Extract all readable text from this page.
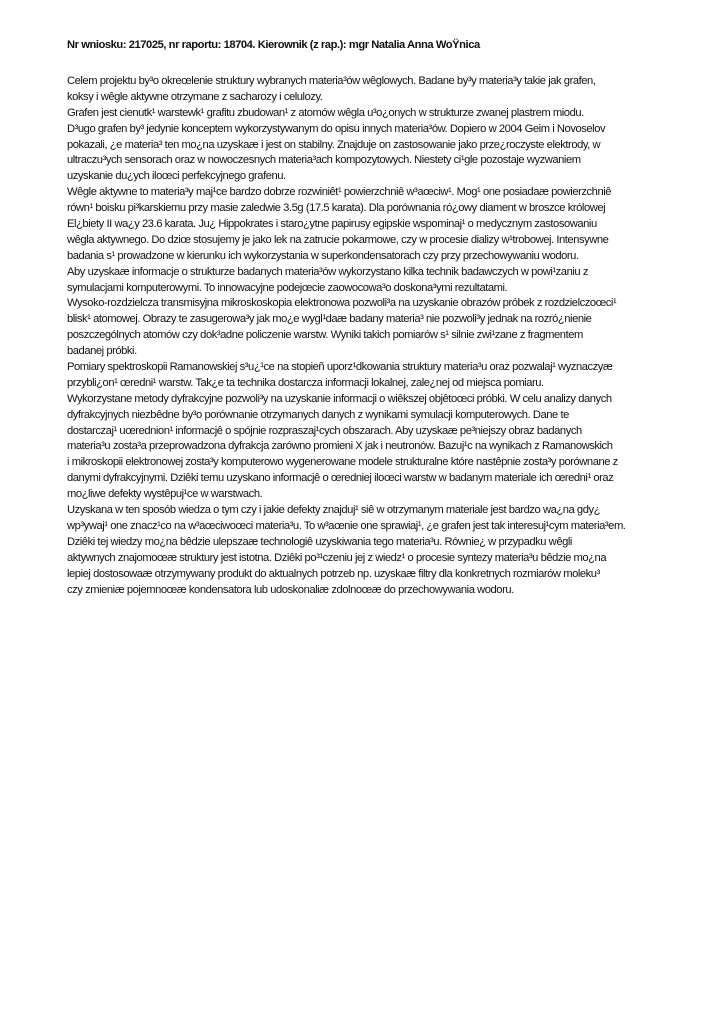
Nr wniosku: 217025, nr raportu: 18704. Kierownik (z rap.): mgr Natalia Anna WoŸnica
Celem projektu by³o okreœlenie struktury wybranych materia³ów wêglowych. Badane by³y materia³y takie jak grafen,
koksy i wêgle aktywne otrzymane z sacharozy i celulozy.
Grafen jest cienutk¹ warstewk¹ grafitu zbudowan¹ z atomów wêgla u³o¿onych w strukturze zwanej plastrem miodu.
D³ugo grafen by³ jedynie konceptem wykorzystywanym do opisu innych materia³ów. Dopiero w 2004 Geim i Novoselov
pokazali, ¿e materia³ ten mo¿na uzyskaæ i jest on stabilny. Znajduje on zastosowanie jako prze¿roczyste elektrody, w
ultraczu³ych sensorach oraz w nowoczesnych materia³ach kompozytowych. Niestety ci¹gle pozostaje wyzwaniem
uzyskanie du¿ych iloœci perfekcyjnego grafenu.
Wêgle aktywne to materia³y maj¹ce bardzo dobrze rozwiniêt¹ powierzchniê w³aœciw¹. Mog¹ one posiadaæ powierzchniê
równ¹ boisku pi³karskiemu przy masie zaledwie 3.5g (17.5 karata). Dla porównania ró¿owy diament w broszce królowej
El¿biety II wa¿y 23.6 karata. Ju¿ Hippokrates i staro¿ytne papirusy egipskie wspominaj¹ o medycznym zastosowaniu
wêgla aktywnego. Do dziœ stosujemy je jako lek na zatrucie pokarmowe, czy w procesie dializy w¹trobowej. Intensywne
badania s¹ prowadzone w kierunku ich wykorzystania w superkondensatorach czy przy przechowywaniu wodoru.
Aby uzyskaæ informacje o strukturze badanych materia³ów wykorzystano kilka technik badawczych w powi¹zaniu z
symulacjami komputerowymi. To innowacyjne podejœcie zaowocowa³o doskona³ymi rezultatami.
Wysoko-rozdzielcza transmisyjna mikroskoskopia elektronowa pozwoli³a na uzyskanie obrazów próbek z rozdzielczoœci¹
blisk¹ atomowej. Obrazy te zasugerowa³y jak mo¿e wygl¹daæ badany materia³ nie pozwoli³y jednak na rozró¿nienie
poszczególnych atomów czy dok³adne policzenie warstw. Wyniki takich pomiarów s¹ silnie zwi¹zane z fragmentem
badanej próbki.
Pomiary spektroskopii Ramanowskiej s³u¿¹ce na stopieñ uporz¹dkowania struktury materia³u oraz pozwalaj¹ wyznaczyæ
przybli¿on¹ œredni¹ warstw. Tak¿e ta technika dostarcza informacji lokalnej, zale¿nej od miejsca pomiaru.
Wykorzystane metody dyfrakcyjne pozwoli³y na uzyskanie informacji o wiêkszej objêtoœci próbki. W celu analizy danych
dyfrakcyjnych niezbêdne by³o porównanie otrzymanych danych z wynikami symulacji komputerowych. Dane te
dostarczaj¹ uœrednion¹ informacjê o spójnie rozpraszaj¹cych obszarach. Aby uzyskaæ pe³niejszy obraz badanych
materia³u zosta³a przeprowadzona dyfrakcja zarówno promieni X jak i neutronów. Bazuj¹c na wynikach z Ramanowskich
i mikroskopii elektronowej zosta³y komputerowo wygenerowane modele strukturalne które nastêpnie zosta³y porównane z
danymi dyfrakcyjnymi. Dziêki temu uzyskano informacjê o œredniej iloœci warstw w badanym materiale ich œredni¹ oraz
mo¿liwe defekty wystêpuj¹ce w warstwach.
Uzyskana w ten sposób wiedza o tym czy i jakie defekty znajduj¹ siê w otrzymanym materiale jest bardzo wa¿na gdy¿
wp³ywaj¹ one znacz¹co na w³aœciwoœci materia³u. To w³aœnie one sprawiaj¹, ¿e grafen jest tak interesuj¹cym materia³em.
Dziêki tej wiedzy mo¿na bêdzie ulepszaæ technologiê uzyskiwania tego materia³u. Równie¿ w przypadku wêgli
aktywnych znajomoœæ struktury jest istotna. Dziêki po³¹czeniu jej z wiedz¹ o procesie syntezy materia³u bêdzie mo¿na
lepiej dostosowaæ otrzymywany produkt do aktualnych potrzeb np. uzyskaæ filtry dla konkretnych rozmiarów moleku³
czy zmieniæ pojemnoœæ kondensatora lub udoskonaliæ zdolnoœæ do przechowywania wodoru.
